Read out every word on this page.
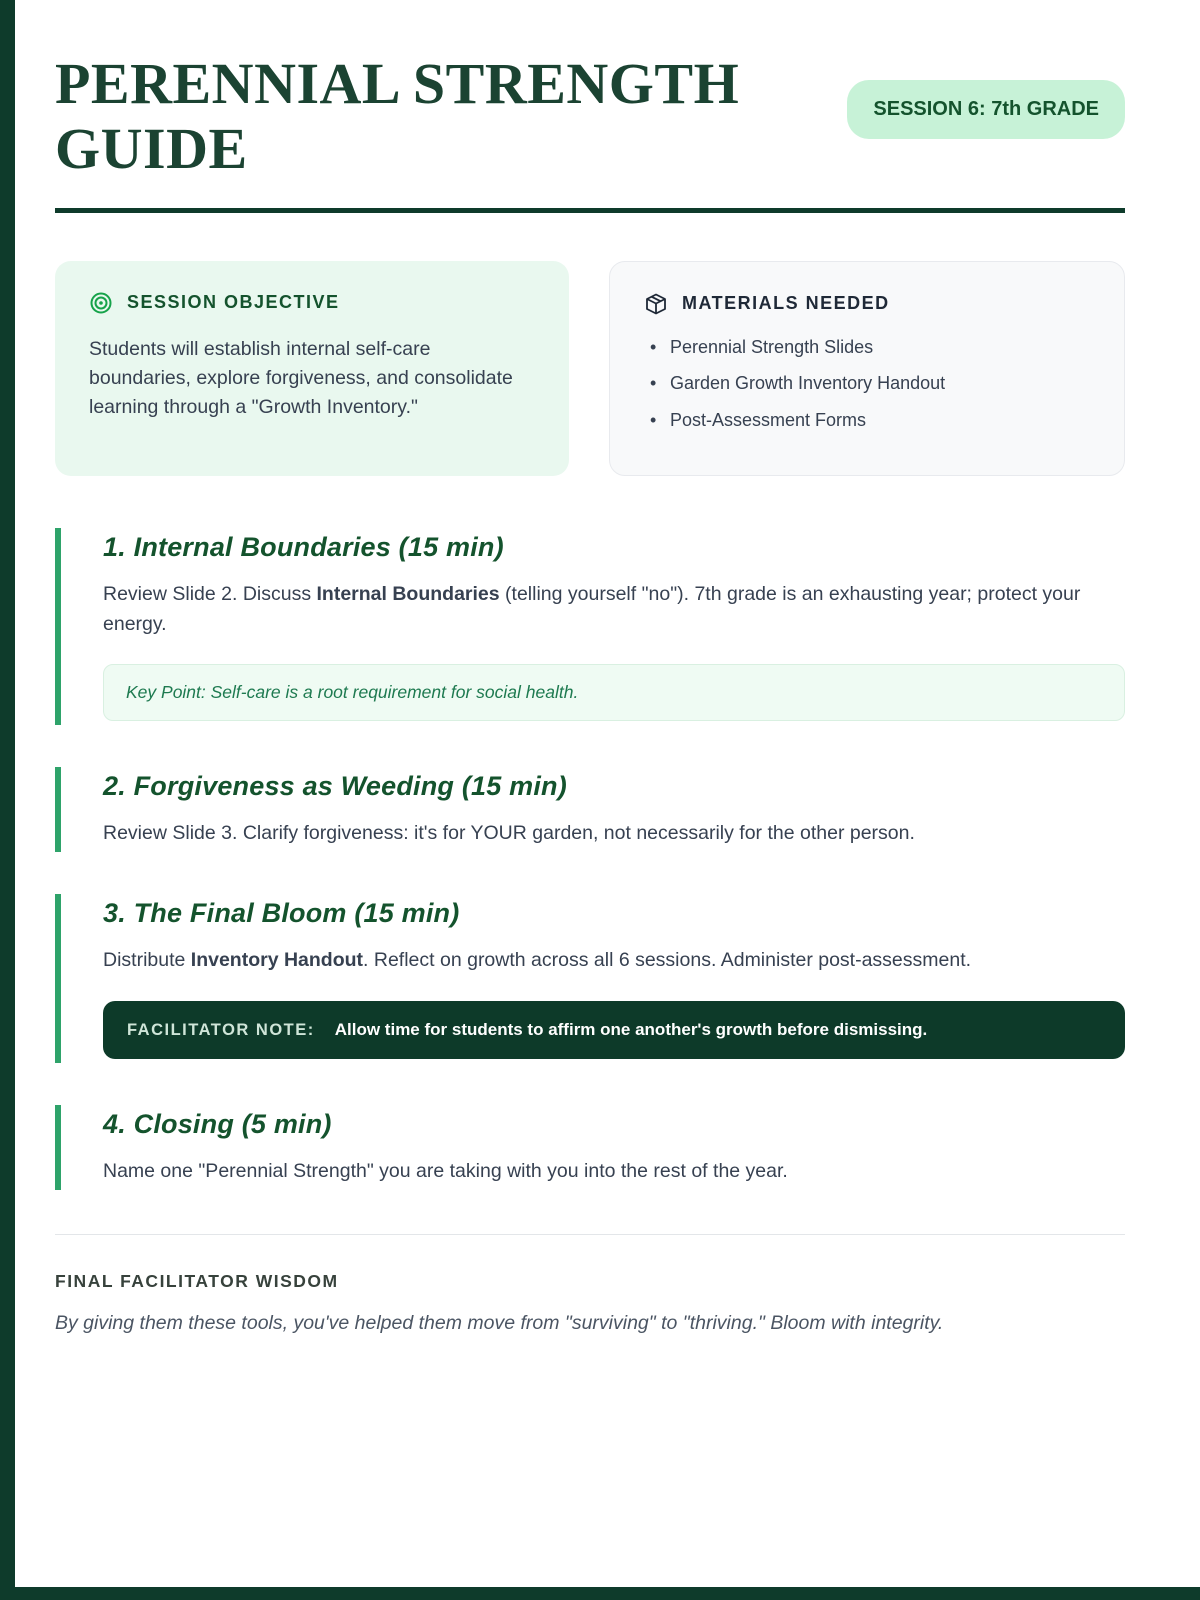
PERENNIAL STRENGTH GUIDE
SESSION 6: 7th GRADE
SESSION OBJECTIVE

Students will establish internal self-care boundaries, explore forgiveness, and consolidate learning through a "Growth Inventory."

MATERIALS NEEDED
• Perennial Strength Slides
• Garden Growth Inventory Handout
• Post-Assessment Forms
1. Internal Boundaries (15 min)

Review Slide 2. Discuss Internal Boundaries (telling yourself "no"). 7th grade is an exhausting year; protect your energy.

Key Point: Self-care is a root requirement for social health.
2. Forgiveness as Weeding (15 min)

Review Slide 3. Clarify forgiveness: it's for YOUR garden, not necessarily for the other person.

3. The Final Bloom (15 min)

Distribute Inventory Handout. Reflect on growth across all 6 sessions. Administer post-assessment.

FACILITATOR NOTE: Allow time for students to affirm one another's growth before dismissing.
4. Closing (5 min)

Name one "Perennial Strength" you are taking with you into the rest of the year.

FINAL FACILITATOR WISDOM

By giving them these tools, you've helped them move from "surviving" to "thriving." Bloom with integrity.
